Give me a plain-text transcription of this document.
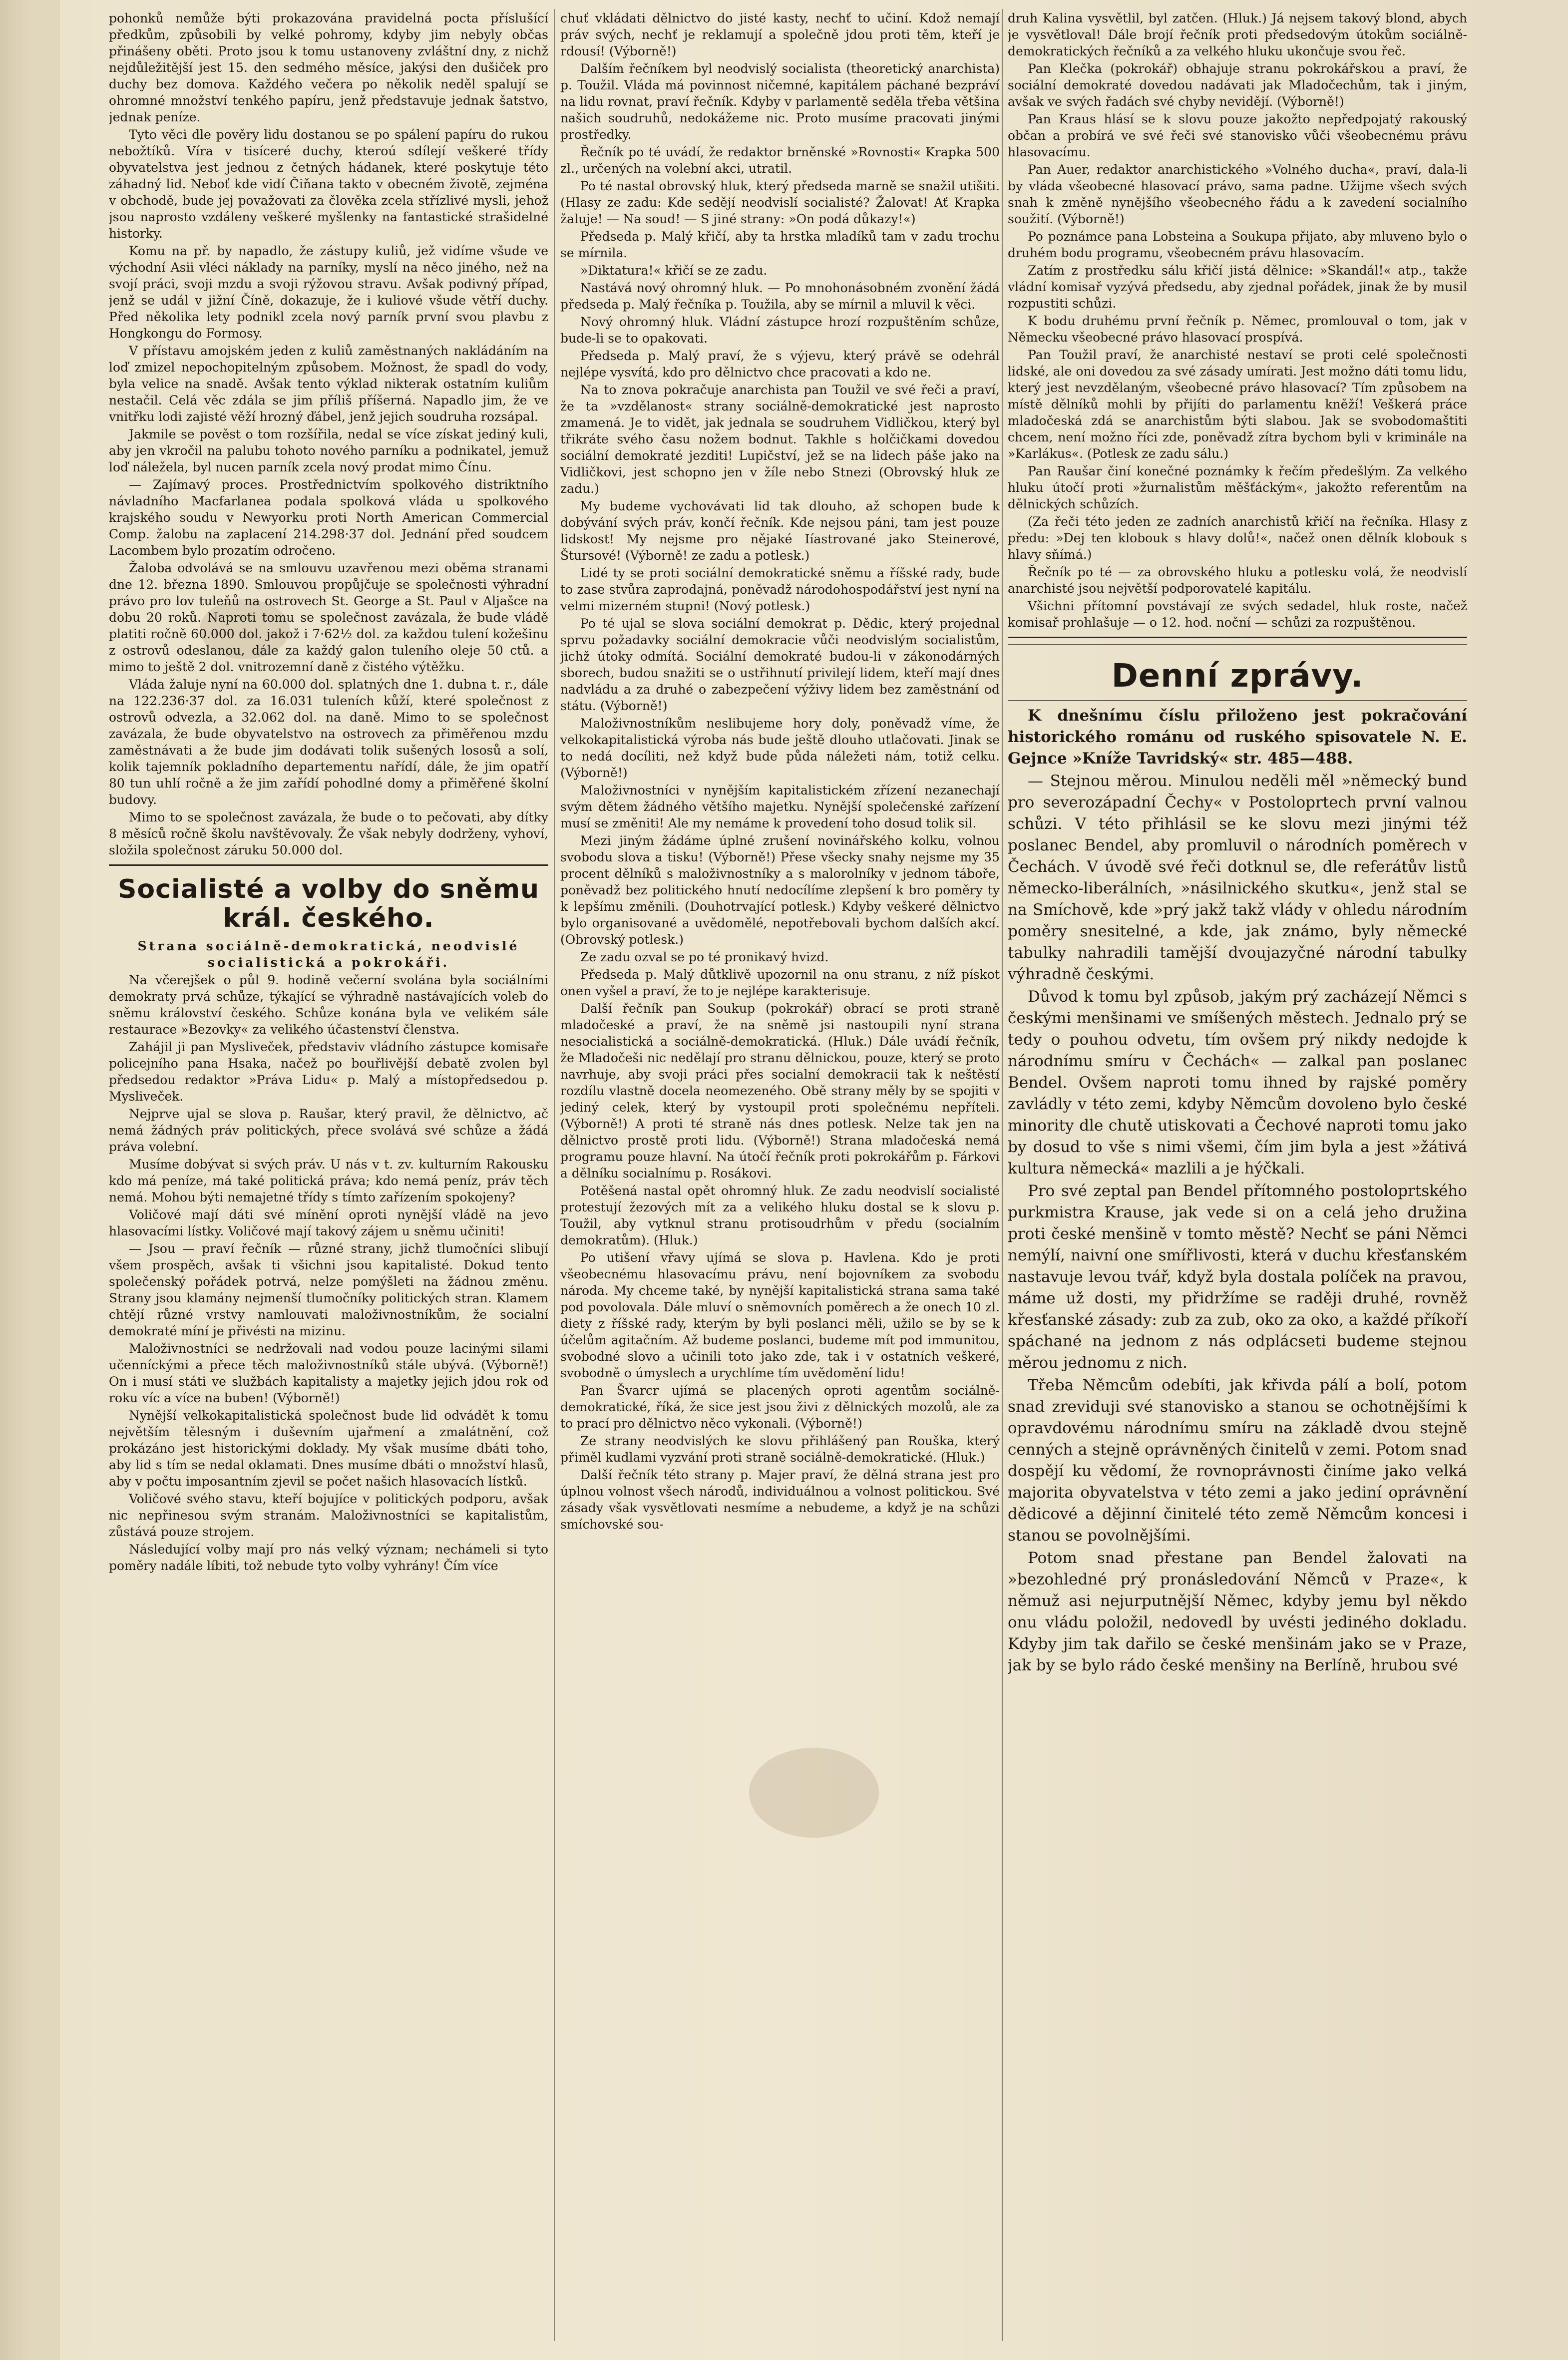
pohonků nemůže býti prokazována pravidelná pocta příslušící předkům, způsobili by velké pohromy, kdyby jim nebyly občas přinášeny oběti. Proto jsou k tomu ustanoveny zvláštní dny, z nichž nejdůležitější jest 15. den sedmého měsíce, jakýsi den dušiček pro duchy bez domova. Každého večera po několik neděl spalují se ohromné množství tenkého papíru, jenž představuje jednak šatstvo, jednak peníze.

Tyto věci dle pověry lidu dostanou se po spálení papíru do rukou nebožtíků. Víra v tisíceré duchy, kteroú sdílejí veškeré třídy obyvatelstva jest jednou z četných hádanek, které poskytuje této záhadný lid. Neboť kde vidí Čiňana takto v obecném životě, zejména v obchodě, bude jej považovati za člověka zcela střízlivé mysli, jehož jsou naprosto vzdáleny veškeré myšlenky na fantastické strašidelné historky.

Komu na př. by napadlo, že zástupy kuliů, jež vidíme všude ve východní Asii vléci náklady na parníky, myslí na něco jiného, než na svojí práci, svoji mzdu a svoji rýžovou stravu. Avšak podivný případ, jenž se udál v jižní Číně, dokazuje, že i kuliové všude větří duchy. Před několika lety podnikl zcela nový parník první svou plavbu z Hongkongu do Formosy.

V přístavu amojském jeden z kuliů zaměstnaných nakládáním na loď zmizel nepochopitelným způsobem. Možnost, že spadl do vody, byla velice na snadě. Avšak tento výklad nikterak ostatním kuliům nestačil. Celá věc zdála se jim příliš příšerná. Napadlo jim, že ve vnitřku lodi zajisté věží hrozný ďábel, jenž jejich soudruha rozsápal.

Jakmile se pověst o tom rozšířila, nedal se více získat jediný kuli, aby jen vkročil na palubu tohoto nového parníku a podnikatel, jemuž loď náležela, byl nucen parník zcela nový prodat mimo Čínu.

— Zajímavý proces. Prostřednictvím spolkového distriktního návladního Macfarlanea podala spolková vláda u spolkového krajského soudu v Newyorku proti North American Commercial Comp. žalobu na zaplacení 214.298·37 dol. Jednání před soudcem Lacombem bylo prozatím odročeno.

Žaloba odvolává se na smlouvu uzavřenou mezi oběma stranami dne 12. března 1890. Smlouvou propůjčuje se společnosti výhradní právo pro lov tuleňů na ostrovech St. George a St. Paul v Aljašce na dobu 20 roků. Naproti tomu se společnost zavázala, že bude vládě platiti ročně 60.000 dol. jakož i 7·62½ dol. za každou tulení kožešinu z ostrovů odeslanou, dále za každý galon tuleního oleje 50 ctů. a mimo to ještě 2 dol. vnitrozemní daně z čistého výtěžku.

Vláda žaluje nyní na 60.000 dol. splatných dne 1. dubna t. r., dále na 122.236·37 dol. za 16.031 tuleních kůží, které společnost z ostrovů odvezla, a 32.062 dol. na daně. Mimo to se společnost zavázala, že bude obyvatelstvo na ostrovech za přiměřenou mzdu zaměstnávati a že bude jim dodávati tolik sušených lososů a solí, kolik tajemník pokladního departementu nařídí, dále, že jim opatří 80 tun uhlí ročně a že jim zařídí pohodlné domy a přiměřené školní budovy.

Mimo to se společnost zavázala, že bude o to pečovati, aby dítky 8 měsíců ročně školu navštěvovaly. Že však nebyly dodrženy, vyhoví, složila společnost záruku 50.000 dol.

Socialisté a volby do sněmu král. českého.

Strana sociálně-demokratická, neodvislé socialistická a pokrokáři.

Na včerejšek o půl 9. hodině večerní svolána byla sociálními demokraty prvá schůze, týkající se výhradně nastávajících voleb do sněmu království českého. Schůze konána byla ve velikém sále restaurace »Bezovky« za velikého účastenství členstva.

Zahájil ji pan Myslivеček, představiv vládního zástupce komisaře policejního pana Hsaka, načež po bouřlivější debatě zvolen byl předsedou redaktor »Práva Lidu« p. Malý a místopředsedou p. Myslivеček.

Nejprve ujal se slova p. Raušar, který pravil, že dělnictvo, ač nemá žádných práv politických, přece svolává své schůze a žádá práva volební.

Musíme dobývat si svých práv. U nás v t. zv. kulturním Rakousku kdo má peníze, má také politická práva; kdo nemá peníz, práv těch nemá. Mohou býti nemajetné třídy s tímto zařízením spokojeny?

Voličové mají dáti své mínění oproti nynější vládě na jevo hlasovacími lístky. Voličové mají takový zájem u sněmu učiniti!

— Jsou — praví řečník — různé strany, jichž tlumočníci slibují všem prospěch, avšak ti všichni jsou kapitalisté. Dokud tento společenský pořádek potrvá, nelze pomýšleti na žádnou změnu. Strany jsou klamány nejmenší tlumočníky politických stran. Klamem chtějí různé vrstvy namlouvati maloživnostníkům, že socialní demokraté míní je přivésti na mizinu.

Maloživnostníci se nedržovali nad vodou pouze lacinými silami učenníckými a přece těch maloživnostníků stále ubývá. (Výborně!) On i musí státi ve službách kapitalisty a majetky jejich jdou rok od roku víc a více na buben! (Výborně!)

Nynější velkokapitalistická společnost bude lid odvádět k tomu největším tělesným i duševním ujařmení a zmalátnění, což prokázáno jest historickými doklady. My však musíme dbáti toho, aby lid s tím se nedal oklamati. Dnes musíme dbáti o množství hlasů, aby v počtu imposantním zjevil se počet našich hlasovacích lístků.

Voličové svého stavu, kteří bojujíce v politických podporu, avšak nic nepřinesou svým stranám. Maloživnostníci se kapitalistům, zůstává pouze strojem.

Následující volby mají pro nás velký význam; nechámeli si tyto poměry nadále líbiti, tož nebude tyto volby vyhrány! Čím více

chuť vkládati dělnictvo do jisté kasty, nechť to učiní. Kdož nemají práv svých, nechť je reklamují a společně jdou proti těm, kteří je rdousí! (Výborně!)

Dalším řečníkem byl neodvislý socialista (theoretický anarchista) p. Toužil. Vláda má povinnost ničemné, kapitálem páchané bezpráví na lidu rovnat, praví řečník. Kdyby v parlamentě seděla třeba většina našich soudruhů, nedokážeme nic. Proto musíme pracovati jinými prostředky.

Řečník po té uvádí, že redaktor brněnské »Rovnosti« Krapka 500 zl., určených na volební akci, utratil.

Po té nastal obrovský hluk, který předseda marně se snažil utišiti. (Hlasy ze zadu: Kde sedějí neodvislí socialisté? Žalovat! Ať Krapka žaluje! — Na soud! — S jiné strany: »On podá důkazy!«)

Předseda p. Malý křičí, aby ta hrstka mladíků tam v zadu trochu se mírnila.

»Diktatura!« křičí se ze zadu.

Nastává nový ohromný hluk. — Po mnohonásobném zvonění žádá předseda p. Malý řečníka p. Toužila, aby se mírnil a mluvil k věci.

Nový ohromný hluk. Vládní zástupce hrozí rozpuštěním schůze, bude-li se to opakovati.

Předseda p. Malý praví, že s výjevu, který právě se odehrál nejlépe vysvítá, kdo pro dělnictvo chce pracovati a kdo ne.

Na to znova pokračuje anarchista pan Toužil ve své řeči a praví, že ta »vzdělanost« strany sociálně-demokratické jest naprosto zmamená. Je to vidět, jak jednala se soudruhem Vidličkou, který byl třikráte svého času nožem bodnut. Takhle s holčičkami dovedou sociální demokraté jezditi! Lupičství, jež se na lidech páše jako na Vidličkovi, jest schopno jen v žíle nebo Stnezi (Obrovský hluk ze zadu.)

My budeme vychovávati lid tak dlouho, až schopen bude k dobývání svých práv, končí řečník. Kde nejsou páni, tam jest pouze lidskost! My nejsme pro nějaké Iíastrované jako Steinerové, Štursové! (Výborně! ze zadu a potlesk.)

Lidé ty se proti sociální demokratické sněmu a říšské rady, bude to zase stvůra zaprodajná, poněvadž národohospodářství jest nyní na velmi mizerném stupni! (Nový potlesk.)

Po té ujal se slova sociální demokrat p. Dědic, který projednal sprvu požadavky sociální demokracie vůči neodvislým socialistům, jichž útoky odmítá. Sociální demokraté budou-li v zákonodárných sborech, budou snažiti se o ustřihnutí privilejí lidem, kteří mají dnes nadvládu a za druhé o zabezpečení výživy lidem bez zaměstnání od státu. (Výborně!)

Maloživnostníkům neslibujeme hory doly, poněvadž víme, že velkokapitalistická výroba nás bude ještě dlouho utlačovati. Jinak se to nedá docíliti, než když bude půda náležeti nám, totiž celku. (Výborně!)

Maloživnostníci v nynějším kapitalistickém zřízení nezanechají svým dětem žádného většího majetku. Nynější společenské zařízení musí se změniti! Ale my nemáme k provedení toho dosud tolik sil.

Mezi jiným žádáme úplné zrušení novinářského kolku, volnou svobodu slova a tisku! (Výborně!) Přese všecky snahy nejsme my 35 procent dělníků s maloživnostníky a s malorolníky v jednom táboře, poněvadž bez politického hnutí nedocílíme zlepšení k bro poměry ty k lepšímu změnili. (Douhotrvající potlesk.) Kdyby veškeré dělnictvo bylo organisované a uvědomělé, nepotřebovali bychom dalších akcí. (Obrovský potlesk.)

Ze zadu ozval se po té pronikavý hvizd.

Předseda p. Malý důtklivě upozornil na onu stranu, z níž pískot onen vyšel a praví, že to je nejlépe karakterisuje.

Další řečník pan Soukup (pokrokář) obrací se proti straně mladočeské a praví, že na sněmě jsi nastoupili nyní strana nesocialistická a sociálně-demokratická. (Hluk.) Dále uvádí řečník, že Mladočeši nic nedělají pro stranu dělnickou, pouze, který se proto navrhuje, aby svoji práci přes socialní demokracii tak k neštěstí rozdílu vlastně docela neomezeného. Obě strany měly by se spojiti v jediný celek, který by vystoupil proti společnému nepříteli. (Výborně!) A proti té straně nás dnes potlesk. Nelze tak jen na dělnictvo prostě proti lidu. (Výborně!) Strana mladočeská nemá programu pouze hlavní. Na útočí řečník proti pokrokářům p. Fárkovi a dělníku socialnímu p. Rosákovi.

Potěšená nastal opět ohromný hluk. Ze zadu neodvislí socialisté protestují žezových mít za a velikého hluku dostal se k slovu p. Toužil, aby vytknul stranu protisoudrhům v předu (socialním demokratům). (Hluk.)

Po utišení vřavy ujímá se slova p. Havlena. Kdo je proti všeobecnému hlasovacímu právu, není bojovníkem za svobodu národa. My chceme také, by nynější kapitalistická strana sama také pod povolovala. Dále mluví o sněmovních poměrech a že onech 10 zl. diety z říšské rady, kterým by byli poslanci měli, užilo se by se k účelům agitačním. Až budeme poslanci, budeme mít pod immunitou, svobodné slovo a učinili toto jako zde, tak i v ostatních veškeré, svobodně o úmyslech a urychlíme tím uvědomění lidu!

Pan Švarcr ujímá se placených oproti agentům sociálně-demokratické, říká, že sice jest jsou živi z dělnických mozolů, ale za to prací pro dělnictvo něco vykonali. (Výborně!)

Ze strany neodvislých ke slovu přihlášený pan Rouška, který přiměl kudlami vyzvání proti straně sociálně-demokratické. (Hluk.)

Další řečník této strany p. Majer praví, že dělná strana jest pro úplnou volnost všech národů, individuálnou a volnost politickou. Své zásady však vysvětlovati nesmíme a nebudeme, a když je na schůzi smíchovské sou-

druh Kalina vysvětlil, byl zatčen. (Hluk.) Já nejsem takový blond, abych je vysvětloval! Dále brojí řečník proti předsedovým útokům sociálně-demokratických řečníků a za velkého hluku ukončuje svou řeč.

Pan Klečka (pokrokář) obhajuje stranu pokrokářskou a praví, že sociální demokraté dovedou nadávati jak Mladočechům, tak i jiným, avšak ve svých řadách své chyby nevidějí. (Výborně!)

Pan Kraus hlásí se k slovu pouze jakožto nepředpojatý rakouský občan a probírá ve své řeči své stanovisko vůči všeobecnému právu hlasovacímu.

Pan Auer, redaktor anarchistického »Volného ducha«, praví, dala-li by vláda všeobecné hlasovací právo, sama padne. Užijme všech svých snah k změně nynějšího všeobecného řádu a k zavedení socialního soužití. (Výborně!)

Po poznámce pana Lobsteina a Soukupa přijato, aby mluveno bylo o druhém bodu programu, všeobecném právu hlasovacím.

Zatím z prostředku sálu křičí jistá dělnice: »Skandál!« atp., takže vládní komisař vyzývá předsedu, aby zjednal pořádek, jinak že by musil rozpustiti schůzi.

K bodu druhému první řečník p. Němec, promlouval o tom, jak v Německu všeobecné právo hlasovací prospívá.

Pan Toužil praví, že anarchisté nestaví se proti celé společnosti lidské, ale oni dovedou za své zásady umírati. Jest možno dáti tomu lidu, který jest nevzdělaným, všeobecné právo hlasovací? Tím způsobem na místě dělníků mohli by přijíti do parlamentu kněží! Veškerá práce mladočeská zdá se anarchistům býti slabou. Jak se svobodomaštiti chcem, není možno říci zde, poněvadž zítra bychom byli v kriminále na »Karlákus«. (Potlesk ze zadu sálu.)

Pan Raušar činí konečné poznámky k řečím předešlým. Za velkého hluku útočí proti »žurnalistům měšťáckým«, jakožto referentům na dělnických schůzích.

(Za řeči této jeden ze zadních anarchistů křičí na řečníka. Hlasy z předu: »Dej ten klobouk s hlavy dolů!«, načež onen dělník klobouk s hlavy sňímá.)

Řečník po té — za obrovského hluku a potlesku volá, že neodvislí anarchisté jsou největší podporovatelé kapitálu.

Všichni přítomní povstávají ze svých sedadel, hluk roste, načež komisař prohlašuje — o 12. hod. noční — schůzi za rozpuštěnou.

Denní zprávy.

K dnešnímu číslu přiloženo jest pokračování historického románu od ruského spisovatele N. E. Gejnce »Kníže Tavridský« str. 485—488.

— Stejnou měrou. Minulou neděli měl »německý bund pro severozápadní Čechy« v Postoloprtech první valnou schůzi. V této přihlásil se ke slovu mezi jinými též poslanec Bendel, aby promluvil o národních poměrech v Čechách. V úvodě své řeči dotknul se, dle referátův listů německo-liberálních, »násilnického skutku«, jenž stal se na Smíchově, kde »prý jakž takž vlády v ohledu národním poměry snesitelné, a kde, jak známo, byly německé tabulky nahradili tamější dvoujazyčné národní tabulky výhradně českými.

Důvod k tomu byl způsob, jakým prý zacházejí Němci s českými menšinami ve smíšených městech. Jednalo prý se tedy o pouhou odvetu, tím ovšem prý nikdy nedojde k národnímu smíru v Čechách« — zalkal pan poslanec Bendel. Ovšem naproti tomu ihned by rajské poměry zavládly v této zemi, kdyby Němcům dovoleno bylo české minority dle chutě utiskovati a Čechové naproti tomu jako by dosud to vše s nimi všemi, čím jim byla a jest »žátivá kultura německá« mazlili a je hýčkali.

Pro své zeptal pan Bendel přítomného postoloprtského purkmistra Krause, jak vede si on a celá jeho družina proti české menšině v tomto městě? Nechť se páni Němci nemýlí, naivní one smířlivosti, která v duchu křesťanském nastavuje levou tvář, když byla dostala políček na pravou, máme už dosti, my přidržíme se raději druhé, rovněž křesťanské zásady: zub za zub, oko za oko, a každé příkoří spáchané na jednom z nás odplácseti budeme stejnou měrou jednomu z nich.

Třeba Němcům odebíti, jak křivda pálí a bolí, potom snad zreviduji své stanovisko a stanou se ochotnějšími k opravdovému národnímu smíru na základě dvou stejně cenných a stejně oprávněných činitelů v zemi. Potom snad dospějí ku vědomí, že rovnoprávnosti činíme jako velká majorita obyvatelstva v této zemi a jako jediní oprávnění dědicové a dějinní činitelé této země Němcům koncesi i stanou se povolnějšími.

Potom snad přestane pan Bendel žalovati na »bezohledné prý pronásledování Němců v Praze«, k němuž asi nejurputnější Němec, kdyby jemu byl někdo onu vládu položil, nedovedl by uvésti jediného dokladu. Kdyby jim tak dařilo se české menšinám jako se v Praze, jak by se bylo rádo české menšiny na Berlíně, hrubou své
